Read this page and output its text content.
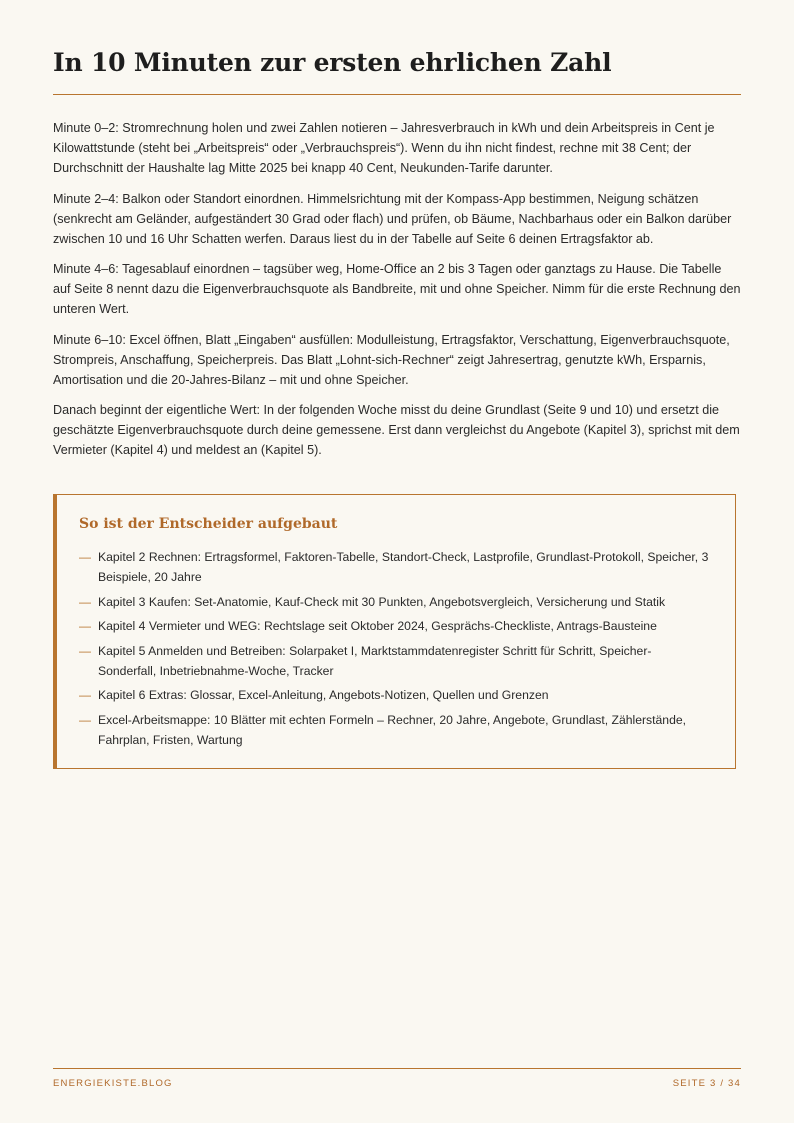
In 10 Minuten zur ersten ehrlichen Zahl

Minute 0–2: Stromrechnung holen und zwei Zahlen notieren – Jahresverbrauch in kWh und dein Arbeitspreis in Cent je Kilowattstunde (steht bei „Arbeitspreis“ oder „Verbrauchspreis“). Wenn du ihn nicht findest, rechne mit 38 Cent; der Durchschnitt der Haushalte lag Mitte 2025 bei knapp 40 Cent, Neukunden-Tarife darunter.

Minute 2–4: Balkon oder Standort einordnen. Himmelsrichtung mit der Kompass-App bestimmen, Neigung schätzen (senkrecht am Geländer, aufgeständert 30 Grad oder flach) und prüfen, ob Bäume, Nachbarhaus oder ein Balkon darüber zwischen 10 und 16 Uhr Schatten werfen. Daraus liest du in der Tabelle auf Seite 6 deinen Ertragsfaktor ab.

Minute 4–6: Tagesablauf einordnen – tagsüber weg, Home-Office an 2 bis 3 Tagen oder ganztags zu Hause. Die Tabelle auf Seite 8 nennt dazu die Eigenverbrauchsquote als Bandbreite, mit und ohne Speicher. Nimm für die erste Rechnung den unteren Wert.

Minute 6–10: Excel öffnen, Blatt „Eingaben“ ausfüllen: Modulleistung, Ertragsfaktor, Verschattung, Eigenverbrauchsquote, Strompreis, Anschaffung, Speicherpreis. Das Blatt „Lohnt-sich-Rechner“ zeigt Jahresertrag, genutzte kWh, Ersparnis, Amortisation und die 20-Jahres-Bilanz – mit und ohne Speicher.

Danach beginnt der eigentliche Wert: In der folgenden Woche misst du deine Grundlast (Seite 9 und 10) und ersetzt die geschätzte Eigenverbrauchsquote durch deine gemessene. Erst dann vergleichst du Angebote (Kapitel 3), sprichst mit dem Vermieter (Kapitel 4) und meldest an (Kapitel 5).

So ist der Entscheider aufgebaut
— Kapitel 2 Rechnen: Ertragsformel, Faktoren-Tabelle, Standort-Check, Lastprofile, Grundlast-Protokoll, Speicher, 3 Beispiele, 20 Jahre
— Kapitel 3 Kaufen: Set-Anatomie, Kauf-Check mit 30 Punkten, Angebotsvergleich, Versicherung und Statik
— Kapitel 4 Vermieter und WEG: Rechtslage seit Oktober 2024, Gesprächs-Checkliste, Antrags-Bausteine
— Kapitel 5 Anmelden und Betreiben: Solarpaket I, Marktstammdatenregister Schritt für Schritt, Speicher-Sonderfall, Inbetriebnahme-Woche, Tracker
— Kapitel 6 Extras: Glossar, Excel-Anleitung, Angebots-Notizen, Quellen und Grenzen
— Excel-Arbeitsmappe: 10 Blätter mit echten Formeln – Rechner, 20 Jahre, Angebote, Grundlast, Zählerstände, Fahrplan, Fristen, Wartung
ENERGIEKISTE.BLOG	SEITE 3 / 34
